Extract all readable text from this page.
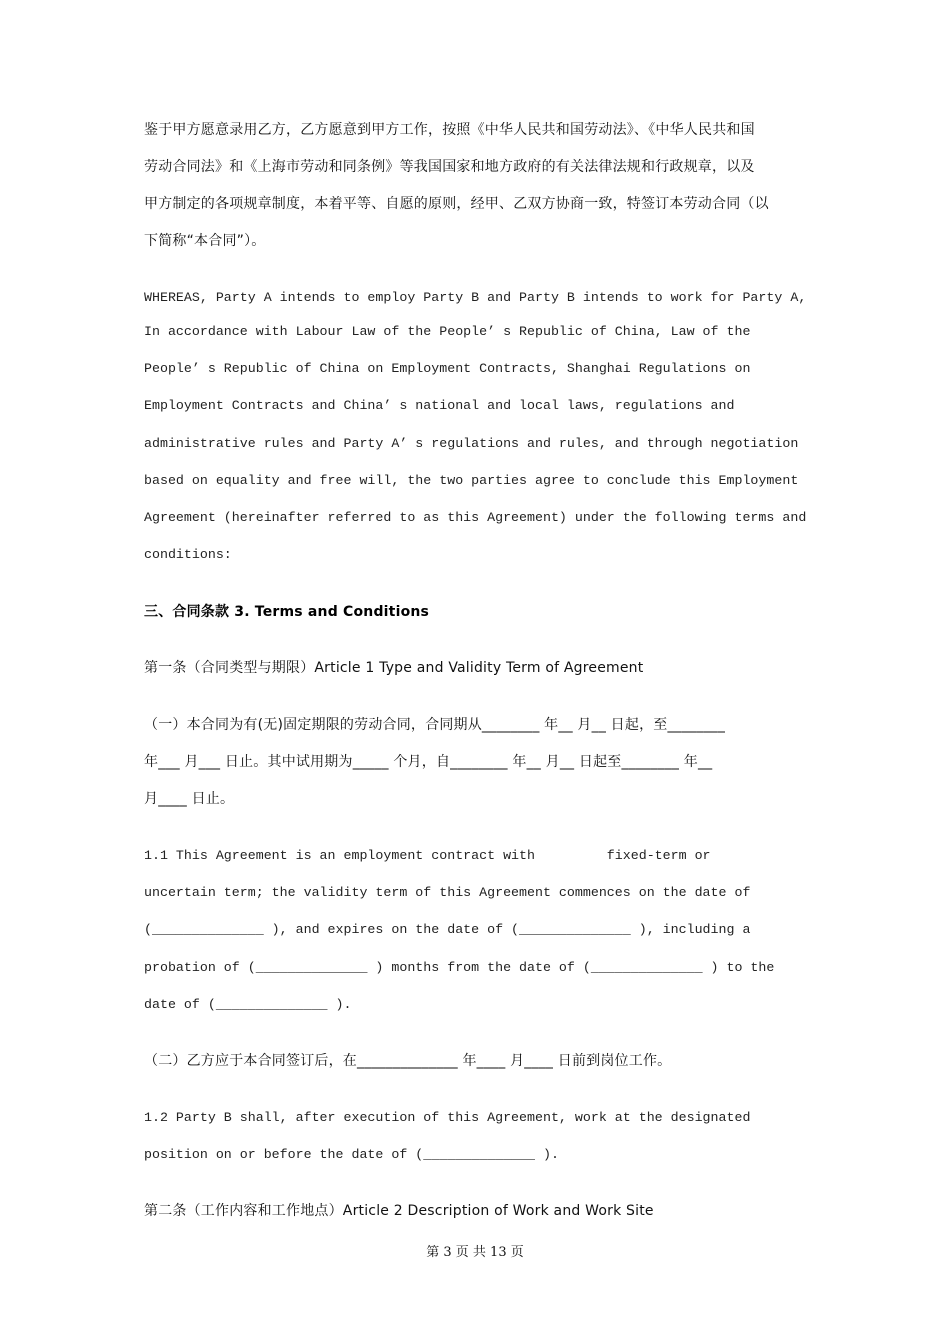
鉴于甲方愿意录用乙方，乙方愿意到甲方工作，按照《中华人民共和国劳动法》、《中华人民共和国
劳动合同法》和《上海市劳动和同条例》等我国国家和地方政府的有关法律法规和行政规章，以及
甲方制定的各项规章制度，本着平等、自愿的原则，经甲、乙双方协商一致，特签订本劳动合同（以
下简称“本合同”）。
WHEREAS, Party A intends to employ Party B and Party B intends to work for Party A,
In accordance with Labour Law of the People’ s Republic of China, Law of the
People’ s Republic of China on Employment Contracts, Shanghai Regulations on
Employment Contracts and China’ s national and local laws, regulations and
administrative rules and Party A’ s regulations and rules, and through negotiation
based on equality and free will, the two parties agree to conclude this Employment
Agreement (hereinafter referred to as this Agreement) under the following terms and
conditions:
三、合同条款 3. Terms and Conditions
第一条（合同类型与期限）Article 1 Type and Validity Term of Agreement
（一）本合同为有(无)固定期限的劳动合同，合同期从________ 年__ 月__ 日起，至________
年___ 月___ 日止。其中试用期为_____ 个月，自________ 年__ 月__ 日起至________ 年__
月____ 日止。
1.1 This Agreement is an employment contract with         fixed-term or
uncertain term; the validity term of this Agreement commences on the date of
(______________ ), and expires on the date of (______________ ), including a
probation of (______________ ) months from the date of (______________ ) to the
date of (______________ ).
（二）乙方应于本合同签订后，在______________ 年____ 月____ 日前到岗位工作。
1.2 Party B shall, after execution of this Agreement, work at the designated
position on or before the date of (______________ ).
第二条（工作内容和工作地点）Article 2 Description of Work and Work Site
第 3 页 共 13 页
